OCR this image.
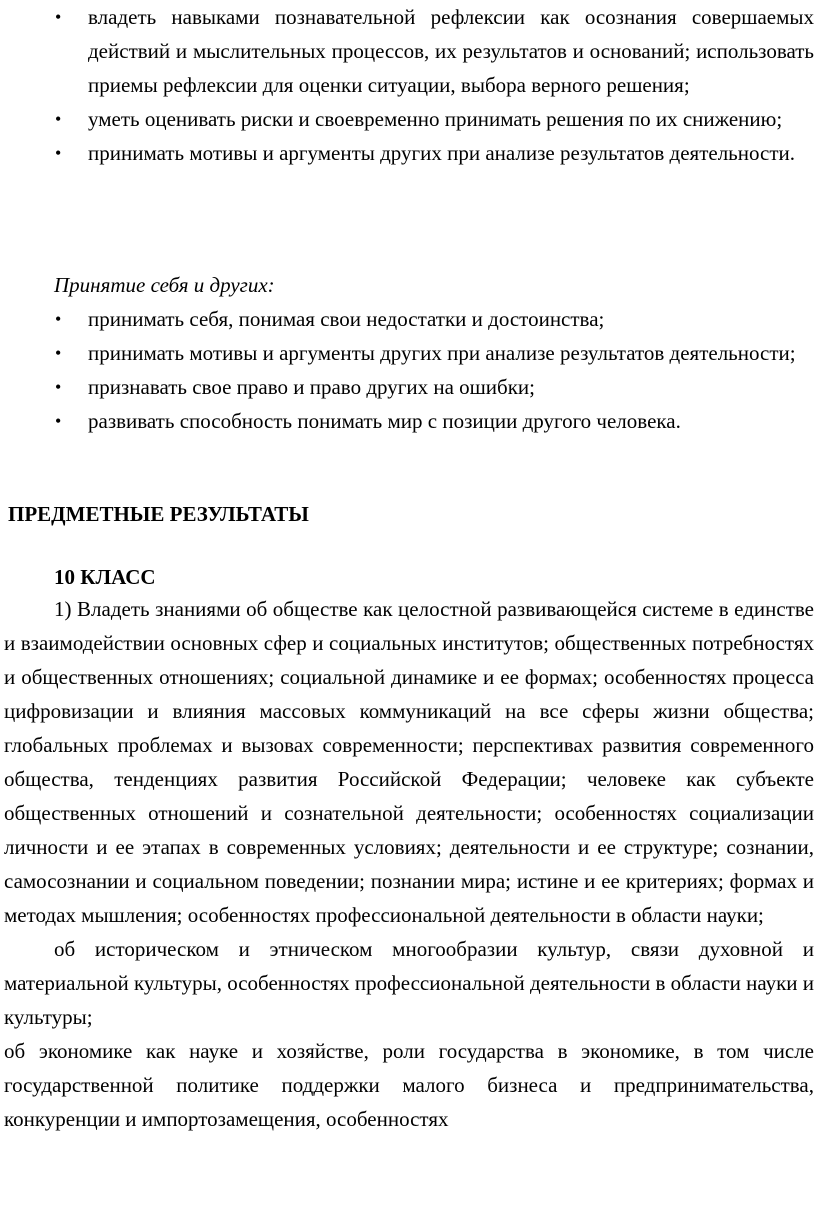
• владеть навыками познавательной рефлексии как осознания совершаемых действий и мыслительных процессов, их результатов и оснований; использовать приемы рефлексии для оценки ситуации, выбора верного решения;
• уметь оценивать риски и своевременно принимать решения по их снижению;
• принимать мотивы и аргументы других при анализе результатов деятельности.
Принятие себя и других:
• принимать себя, понимая свои недостатки и достоинства;
• принимать мотивы и аргументы других при анализе результатов деятельности;
• признавать свое право и право других на ошибки;
• развивать способность понимать мир с позиции другого человека.
ПРЕДМЕТНЫЕ РЕЗУЛЬТАТЫ
10 КЛАСС

1) Владеть знаниями об обществе как целостной развивающейся системе в единстве и взаимодействии основных сфер и социальных институтов; общественных потребностях и общественных отношениях; социальной динамике и ее формах; особенностях процесса цифровизации и влияния массовых коммуникаций на все сферы жизни общества; глобальных проблемах и вызовах современности; перспективах развития современного общества, тенденциях развития Российской Федерации; человеке как субъекте общественных отношений и сознательной деятельности; особенностях социализации личности и ее этапах в современных условиях; деятельности и ее структуре; сознании, самосознании и социальном поведении; познании мира; истине и ее критериях; формах и методах мышления; особенностях профессиональной деятельности в области науки;

об историческом и этническом многообразии культур, связи духовной и материальной культуры, особенностях профессиональной деятельности в области науки и культуры;

об экономике как науке и хозяйстве, роли государства в экономике, в том числе государственной политике поддержки малого бизнеса и предпринимательства, конкуренции и импортозамещения, особенностях
